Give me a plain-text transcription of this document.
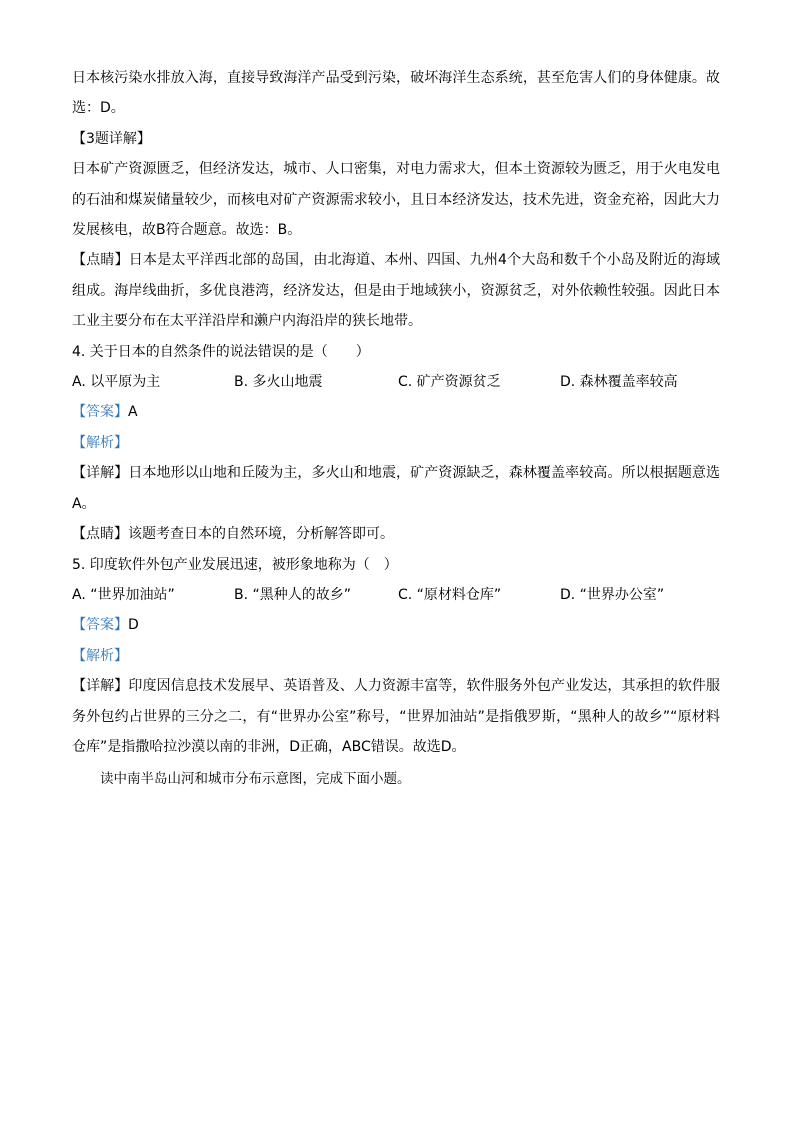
日本核污染水排放入海，直接导致海洋产品受到污染，破坏海洋生态系统，甚至危害人们的身体健康。故选：D。

【3题详解】

日本矿产资源匮乏，但经济发达，城市、人口密集，对电力需求大，但本土资源较为匮乏，用于火电发电的石油和煤炭储量较少，而核电对矿产资源需求较小，且日本经济发达，技术先进，资金充裕，因此大力发展核电，故B符合题意。故选：B。

【点睛】日本是太平洋西北部的岛国，由北海道、本州、四国、九州4个大岛和数千个小岛及附近的海域组成。海岸线曲折，多优良港湾，经济发达，但是由于地域狭小，资源贫乏，对外依赖性较强。因此日本工业主要分布在太平洋沿岸和濑户内海沿岸的狭长地带。

4. 关于日本的自然条件的说法错误的是（　　）

A. 以平原为主	B. 多火山地震	C. 矿产资源贫乏	D. 森林覆盖率较高

【答案】A

【解析】

【详解】日本地形以山地和丘陵为主，多火山和地震，矿产资源缺乏，森林覆盖率较高。所以根据题意选A。

【点睛】该题考查日本的自然环境，分析解答即可。

5. 印度软件外包产业发展迅速，被形象地称为（　）

A. “世界加油站”	B. “黑种人的故乡”	C. “原材料仓库”	D. “世界办公室”

【答案】D

【解析】

【详解】印度因信息技术发展早、英语普及、人力资源丰富等，软件服务外包产业发达，其承担的软件服务外包约占世界的三分之二，有“世界办公室”称号，“世界加油站”是指俄罗斯，“黑种人的故乡”“原材料仓库”是指撒哈拉沙漠以南的非洲，D正确，ABC错误。故选D。

读中南半岛山河和城市分布示意图，完成下面小题。
